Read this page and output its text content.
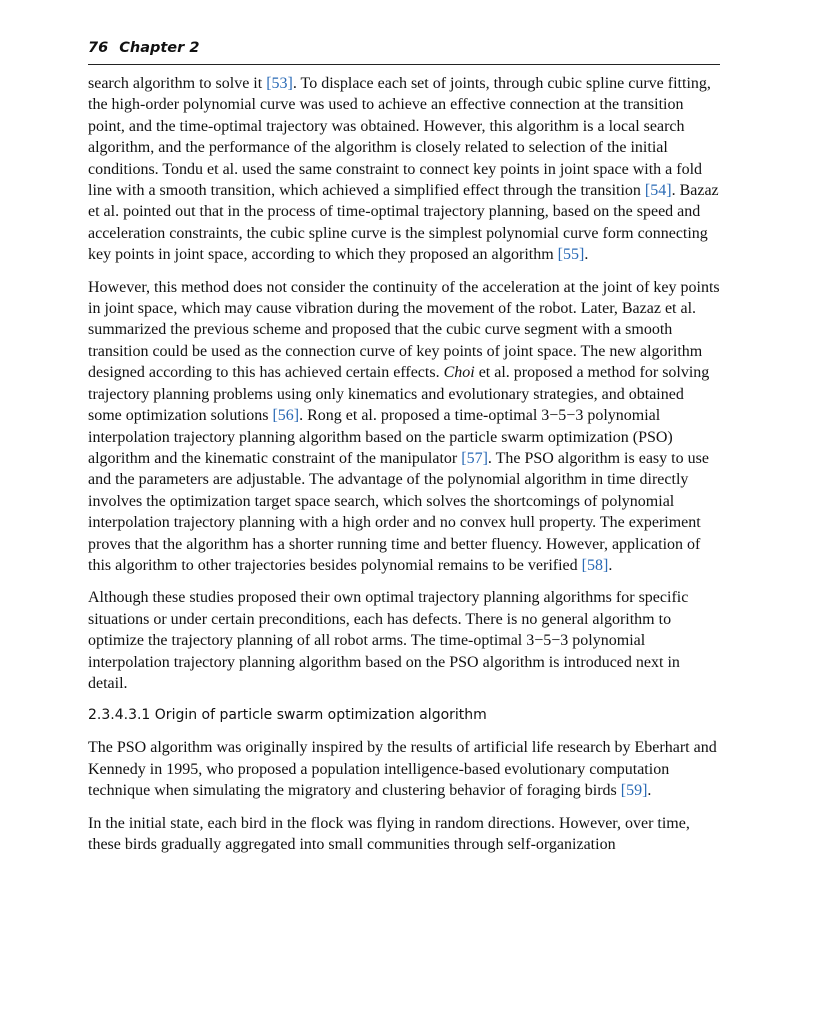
76 Chapter 2

search algorithm to solve it [53]. To displace each set of joints, through cubic spline curve fitting, the high-order polynomial curve was used to achieve an effective connection at the transition point, and the time-optimal trajectory was obtained. However, this algorithm is a local search algorithm, and the performance of the algorithm is closely related to selection of the initial conditions. Tondu et al. used the same constraint to connect key points in joint space with a fold line with a smooth transition, which achieved a simplified effect through the transition [54]. Bazaz et al. pointed out that in the process of time-optimal trajectory planning, based on the speed and acceleration constraints, the cubic spline curve is the simplest polynomial curve form connecting key points in joint space, according to which they proposed an algorithm [55].

However, this method does not consider the continuity of the acceleration at the joint of key points in joint space, which may cause vibration during the movement of the robot. Later, Bazaz et al. summarized the previous scheme and proposed that the cubic curve segment with a smooth transition could be used as the connection curve of key points of joint space. The new algorithm designed according to this has achieved certain effects. Choi et al. proposed a method for solving trajectory planning problems using only kinematics and evolutionary strategies, and obtained some optimization solutions [56]. Rong et al. proposed a time-optimal 3−5−3 polynomial interpolation trajectory planning algorithm based on the particle swarm optimization (PSO) algorithm and the kinematic constraint of the manipulator [57]. The PSO algorithm is easy to use and the parameters are adjustable. The advantage of the polynomial algorithm in time directly involves the optimization target space search, which solves the shortcomings of polynomial interpolation trajectory planning with a high order and no convex hull property. The experiment proves that the algorithm has a shorter running time and better fluency. However, application of this algorithm to other trajectories besides polynomial remains to be verified [58].

Although these studies proposed their own optimal trajectory planning algorithms for specific situations or under certain preconditions, each has defects. There is no general algorithm to optimize the trajectory planning of all robot arms. The time-optimal 3−5−3 polynomial interpolation trajectory planning algorithm based on the PSO algorithm is introduced next in detail.

2.3.4.3.1 Origin of particle swarm optimization algorithm

The PSO algorithm was originally inspired by the results of artificial life research by Eberhart and Kennedy in 1995, who proposed a population intelligence-based evolutionary computation technique when simulating the migratory and clustering behavior of foraging birds [59].

In the initial state, each bird in the flock was flying in random directions. However, over time, these birds gradually aggregated into small communities through self-organization
